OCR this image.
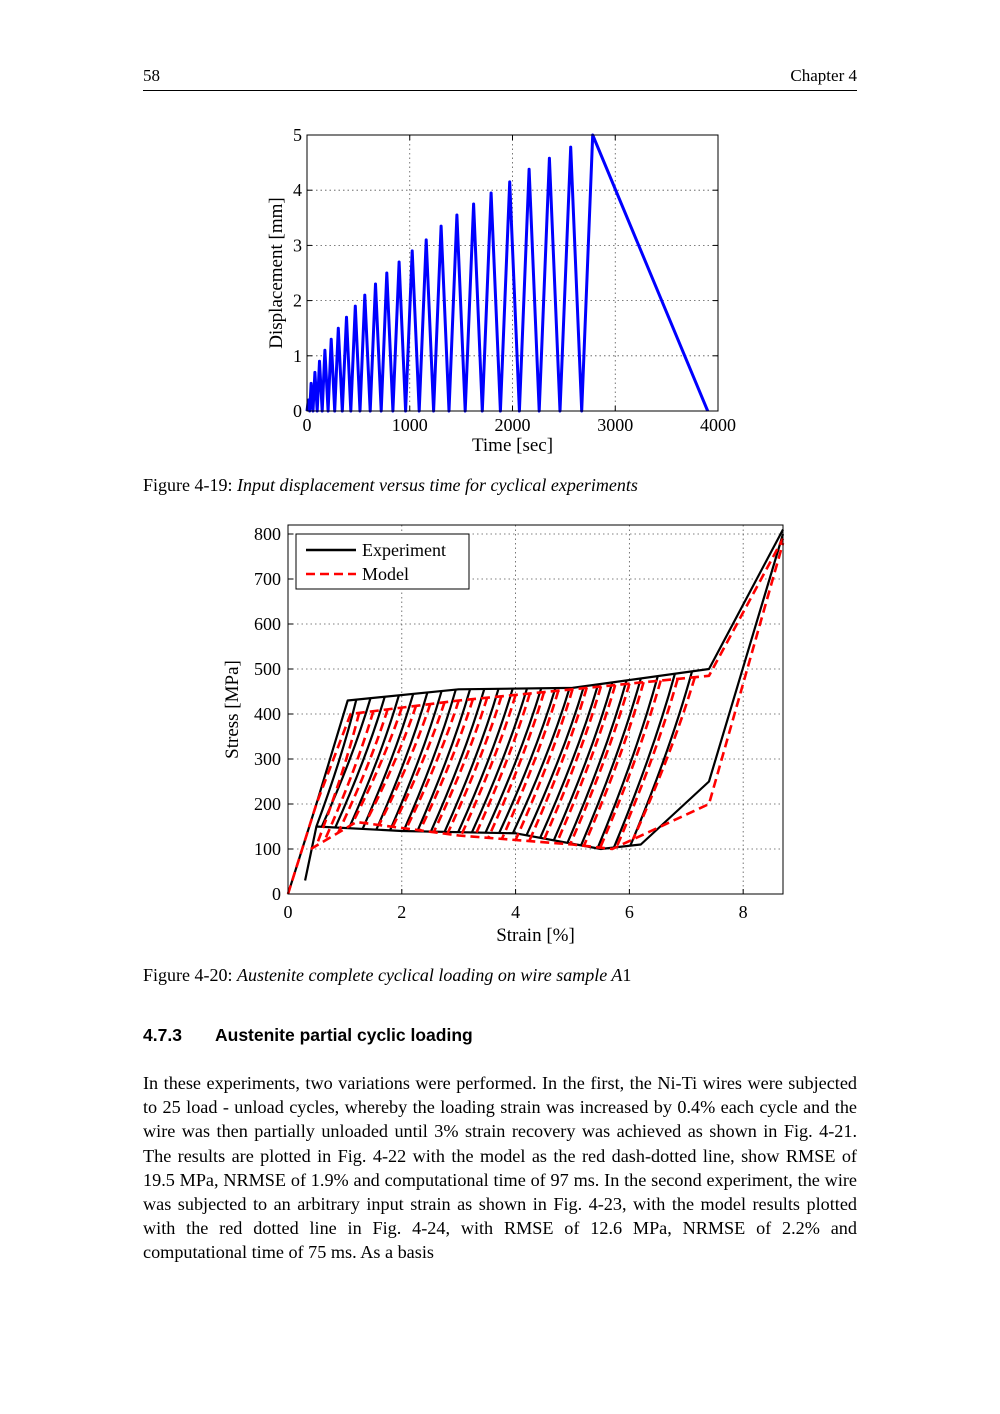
58	Chapter 4
0	1000	2000	3000	4000
0
1
2
3
4
5
Time [sec]
Displacement [mm]
Figure 4-19: Input displacement versus time for cyclical experiments
0	2	4	6	8
0
100
200
300
400
500
600
700
800
Experiment
Model
Strain [%]
Stress [MPa]
Figure 4-20: Austenite complete cyclical loading on wire sample A1
4.7.3 Austenite partial cyclic loading
In these experiments, two variations were performed. In the first, the Ni-Ti wires were subjected to 25 load - unload cycles, whereby the loading strain was increased by 0.4% each cycle and the wire was then partially unloaded until 3% strain recovery was achieved as shown in Fig. 4-21. The results are plotted in Fig. 4-22 with the model as the red dash-dotted line, show RMSE of 19.5 MPa, NRMSE of 1.9% and computational time of 97 ms. In the second experiment, the wire was subjected to an arbitrary input strain as shown in Fig. 4-23, with the model results plotted with the red dotted line in Fig. 4-24, with RMSE of 12.6 MPa, NRMSE of 2.2% and computational time of 75 ms. As a basis
